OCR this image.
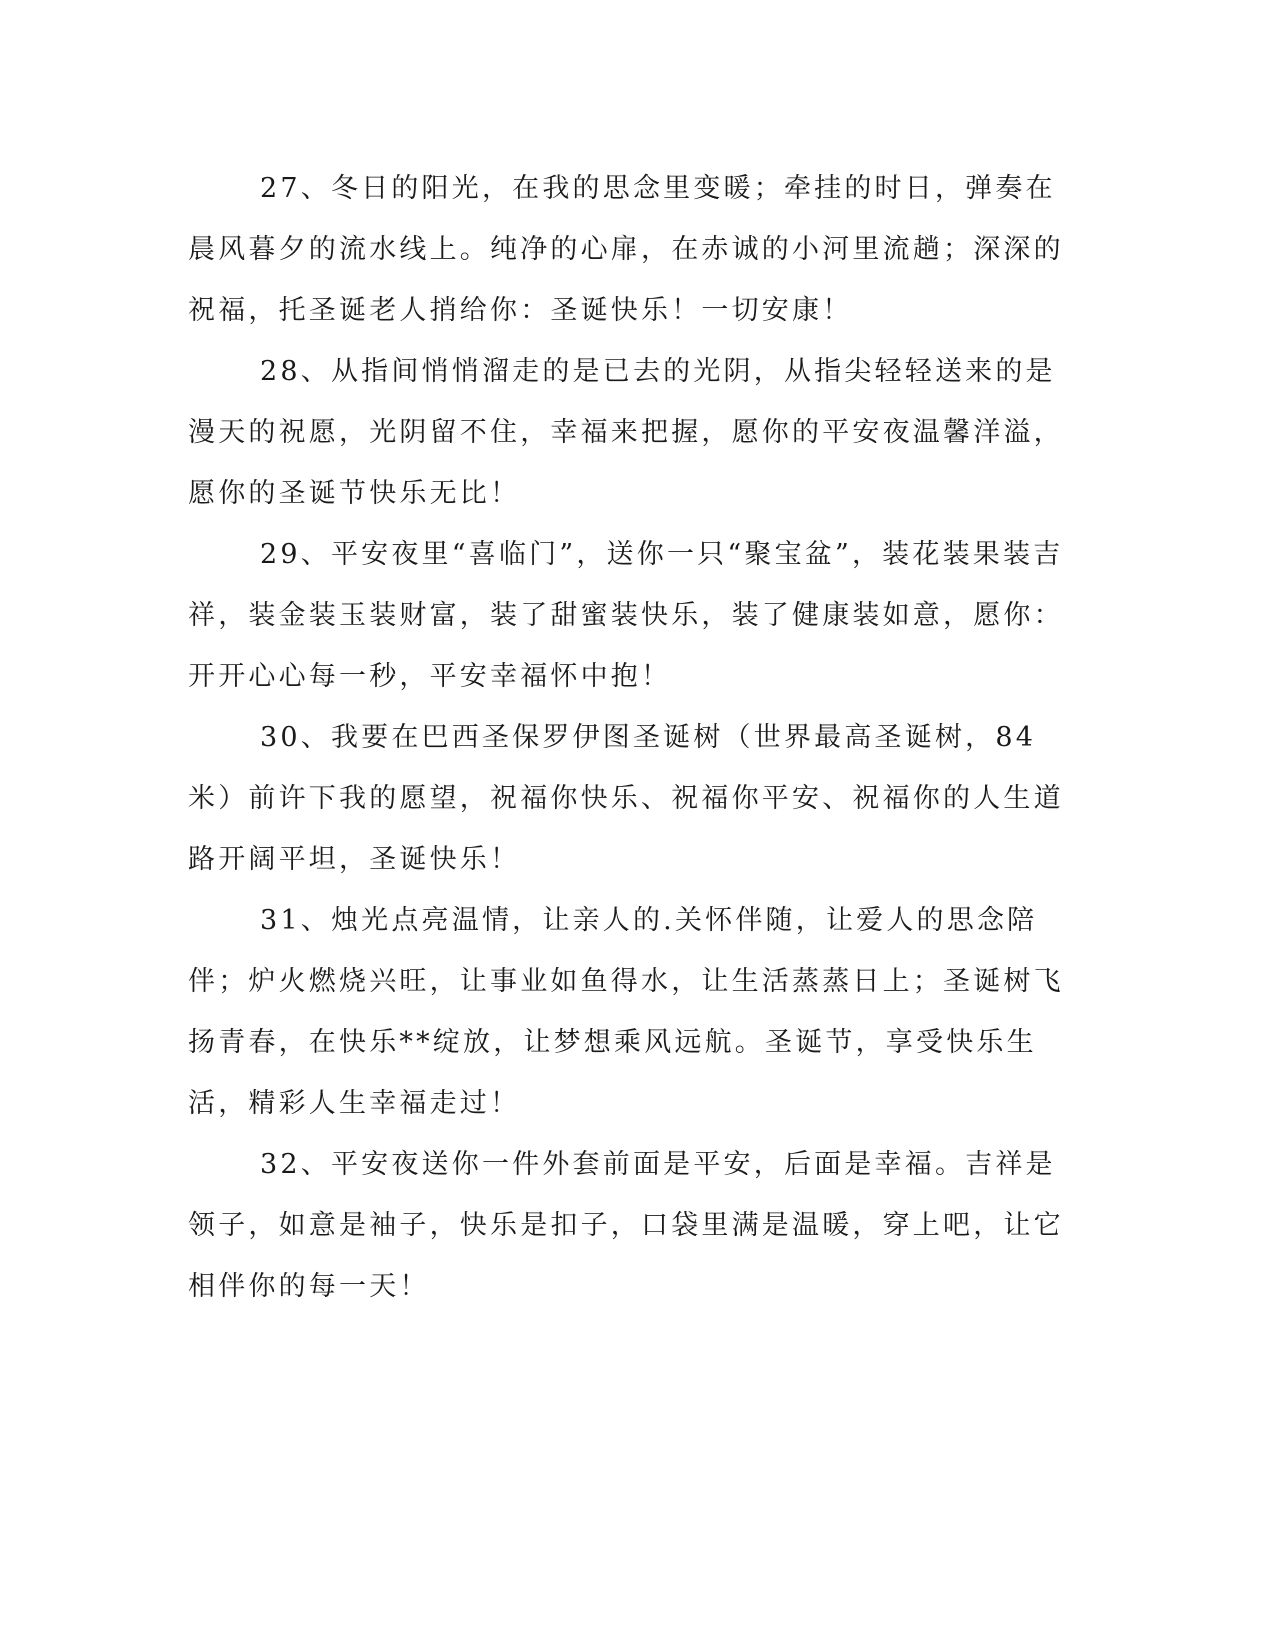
27、冬日的阳光，在我的思念里变暖；牵挂的时日，弹奏在晨风暮夕的流水线上。纯净的心扉，在赤诚的小河里流趟；深深的祝福，托圣诞老人捎给你：圣诞快乐！一切安康！

28、从指间悄悄溜走的是已去的光阴，从指尖轻轻送来的是漫天的祝愿，光阴留不住，幸福来把握，愿你的平安夜温馨洋溢，愿你的圣诞节快乐无比！

29、平安夜里“喜临门”，送你一只“聚宝盆”，装花装果装吉祥，装金装玉装财富，装了甜蜜装快乐，装了健康装如意，愿你：开开心心每一秒，平安幸福怀中抱！

30、我要在巴西圣保罗伊图圣诞树（世界最高圣诞树，84 米）前许下我的愿望，祝福你快乐、祝福你平安、祝福你的人生道路开阔平坦，圣诞快乐！

31、烛光点亮温情，让亲人的.关怀伴随，让爱人的思念陪伴；炉火燃烧兴旺，让事业如鱼得水，让生活蒸蒸日上；圣诞树飞扬青春，在快乐**绽放，让梦想乘风远航。圣诞节，享受快乐生活，精彩人生幸福走过！

32、平安夜送你一件外套前面是平安，后面是幸福。吉祥是领子，如意是袖子，快乐是扣子，口袋里满是温暖，穿上吧，让它相伴你的每一天！
